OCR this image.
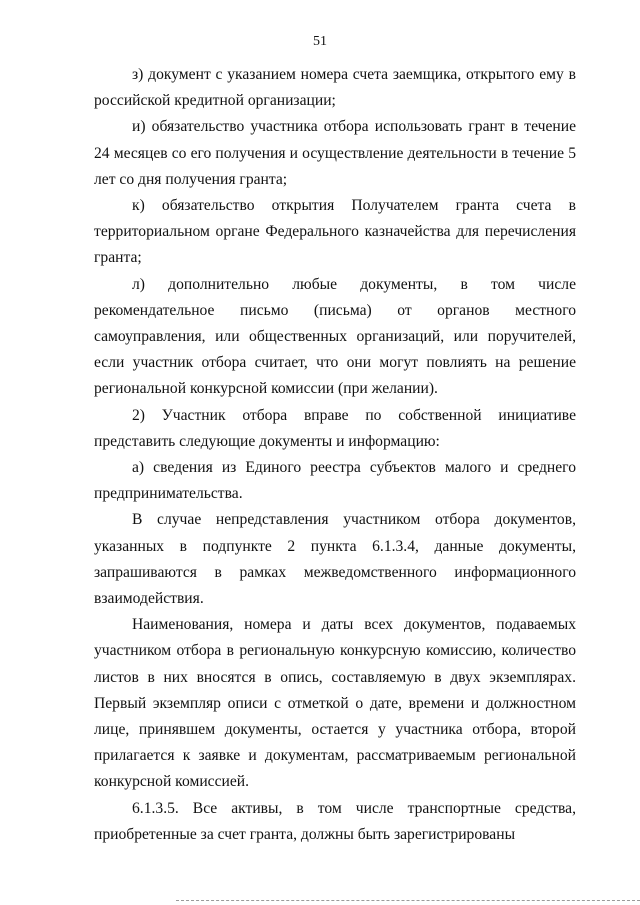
51

з) документ с указанием номера счета заемщика, открытого ему в российской кредитной организации;

и) обязательство участника отбора использовать грант в течение 24 месяцев со его получения и осуществление деятельности в течение 5 лет со дня получения гранта;

к) обязательство открытия Получателем гранта счета в территориальном органе Федерального казначейства для перечисления гранта;

л) дополнительно любые документы, в том числе рекомендательное письмо (письма) от органов местного самоуправления, или общественных организаций, или поручителей, если участник отбора считает, что они могут повлиять на решение региональной конкурсной комиссии (при желании).

2) Участник отбора вправе по собственной инициативе представить следующие документы и информацию:

а) сведения из Единого реестра субъектов малого и среднего предпринимательства.

В случае непредставления участником отбора документов, указанных в подпункте 2 пункта 6.1.3.4, данные документы, запрашиваются в рамках межведомственного информационного взаимодействия.

Наименования, номера и даты всех документов, подаваемых участником отбора в региональную конкурсную комиссию, количество листов в них вносятся в опись, составляемую в двух экземплярах. Первый экземпляр описи с отметкой о дате, времени и должностном лице, принявшем документы, остается у участника отбора, второй прилагается к заявке и документам, рассматриваемым региональной конкурсной комиссией.

6.1.3.5. Все активы, в том числе транспортные средства, приобретенные за счет гранта, должны быть зарегистрированы
